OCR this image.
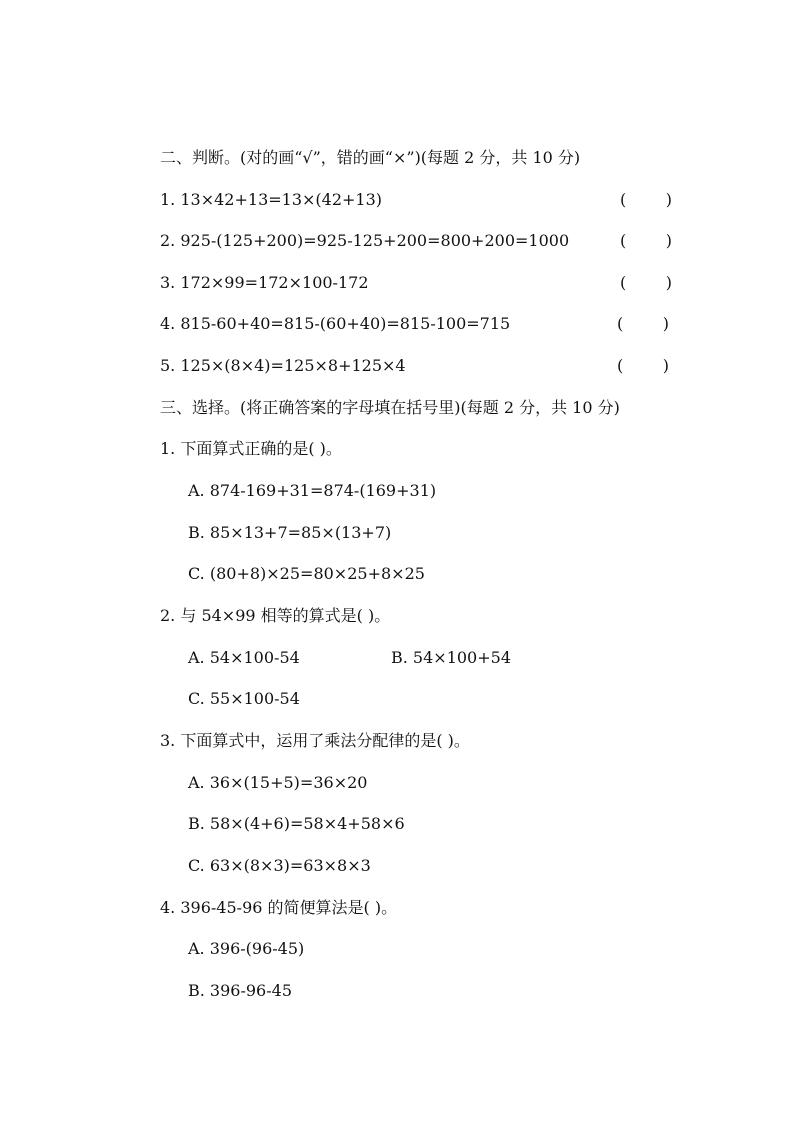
二、判断。(对的画“√”，错的画“×”)(每题 2 分，共 10 分)
1. 13×42+13=13×(42+13)	( )
2. 925-(125+200)=925-125+200=800+200=1000	( )
3. 172×99=172×100-172	( )
4. 815-60+40=815-(60+40)=815-100=715	( )
5. 125×(8×4)=125×8+125×4	( )
三、选择。(将正确答案的字母填在括号里)(每题 2 分，共 10 分)
1. 下面算式正确的是( )。
A. 874-169+31=874-(169+31)
B. 85×13+7=85×(13+7)
C. (80+8)×25=80×25+8×25
2. 与 54×99 相等的算式是( )。
A. 54×100-54	B. 54×100+54
C. 55×100-54
3. 下面算式中，运用了乘法分配律的是( )。
A. 36×(15+5)=36×20
B. 58×(4+6)=58×4+58×6
C. 63×(8×3)=63×8×3
4. 396-45-96 的简便算法是( )。
A. 396-(96-45)
B. 396-96-45
